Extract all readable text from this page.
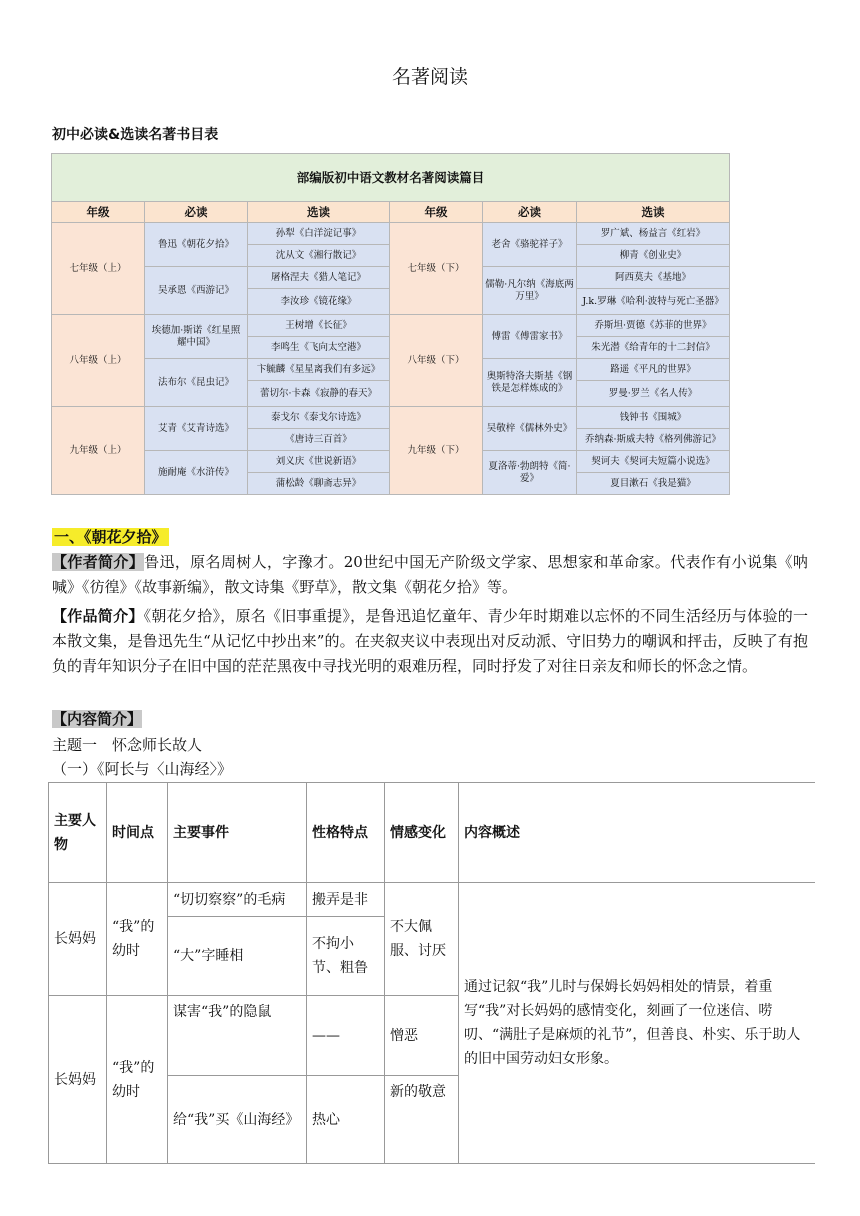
名著阅读
初中必读&选读名著书目表
部编版初中语文教材名著阅读篇目					
年级	必读	选读	年级	必读	选读
七年级（上）	鲁迅《朝花夕拾》	孙犁《白洋淀记事》	七年级（下）	老舍《骆驼祥子》	罗广斌、杨益言《红岩》
		沈从文《湘行散记》			柳青《创业史》
	吴承恩《西游记》	屠格涅夫《猎人笔记》		儒勒·凡尔纳《海底两万里》	阿西莫夫《基地》
		李汝珍《镜花缘》			J.k.罗琳《哈利·波特与死亡圣器》
八年级（上）	埃德加·斯诺《红星照耀中国》	王树增《长征》	八年级（下）	傅雷《傅雷家书》	乔斯坦·贾德《苏菲的世界》
		李鸣生《飞向太空港》			朱光潜《给青年的十二封信》
	法布尔《昆虫记》	卞毓麟《星星离我们有多远》		奥斯特洛夫斯基《钢铁是怎样炼成的》	路遥《平凡的世界》
		蕾切尔·卡森《寂静的春天》			罗曼·罗兰《名人传》
九年级（上）	艾青《艾青诗选》	泰戈尔《泰戈尔诗选》	九年级（下）	吴敬梓《儒林外史》	钱钟书《围城》
		《唐诗三百首》			乔纳森·斯威夫特《格列佛游记》
	施耐庵《水浒传》	刘义庆《世说新语》		夏洛蒂·勃朗特《简·爱》	契诃夫《契诃夫短篇小说选》
		蒲松龄《聊斋志异》			夏目漱石《我是猫》
一、《朝花夕拾》

【作者简介】鲁迅，原名周树人，字豫才。20世纪中国无产阶级文学家、思想家和革命家。代表作有小说集《呐喊》《彷徨》《故事新编》，散文诗集《野草》，散文集《朝花夕拾》等。

【作品简介】《朝花夕拾》，原名《旧事重提》，是鲁迅追忆童年、青少年时期难以忘怀的不同生活经历与体验的一本散文集，是鲁迅先生“从记忆中抄出来”的。在夹叙夹议中表现出对反动派、守旧势力的嘲讽和抨击，反映了有抱负的青年知识分子在旧中国的茫茫黑夜中寻找光明的艰难历程，同时抒发了对往日亲友和师长的怀念之情。

【内容简介】
主题一　怀念师长故人
（一）《阿长与〈山海经〉》
主要人物	时间点	主要事件	性格特点	情感变化	内容概述
长妈妈	“我”的幼时	“切切察察”的毛病	搬弄是非	不大佩服、讨厌	通过记叙“我”儿时与保姆长妈妈相处的情景，着重写“我”对长妈妈的感情变化，刻画了一位迷信、唠叨、“满肚子是麻烦的礼节”，但善良、朴实、乐于助人的旧中国劳动妇女形象。
		“大”字睡相	不拘小节、粗鲁		
长妈妈	“我”的幼时	谋害“我”的隐鼠	——	憎恶	
		给“我”买《山海经》	热心	新的敬意	
